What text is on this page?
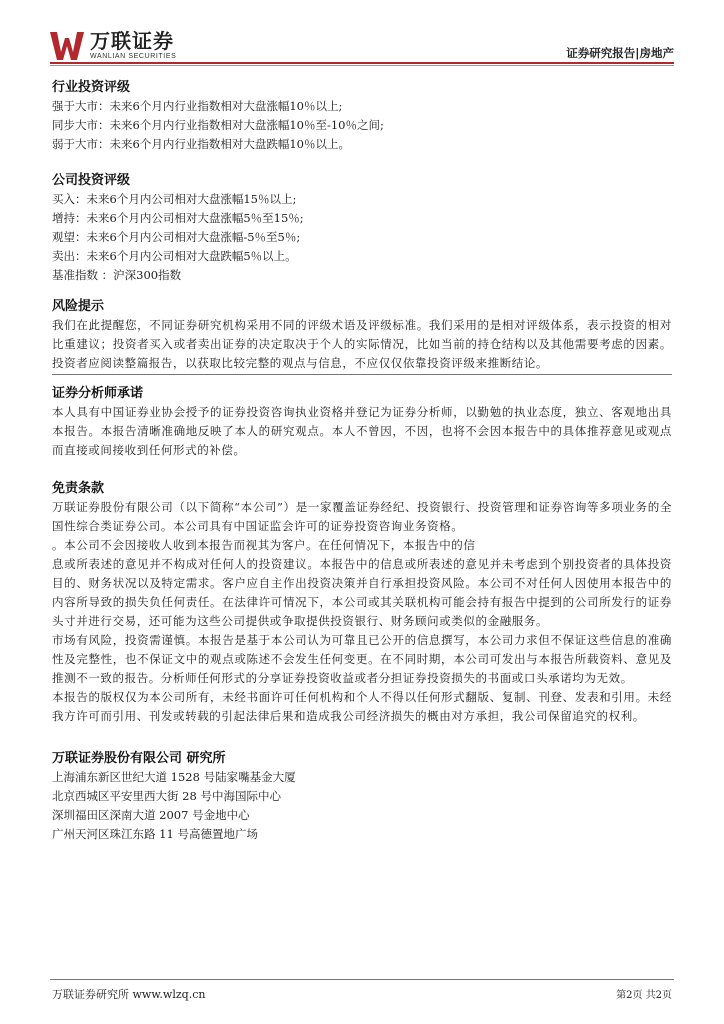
万联证券
WANLIAN SECURITIES	证券研究报告|房地产
行业投资评级
强于大市：未来6个月内行业指数相对大盘涨幅10％以上;
同步大市：未来6个月内行业指数相对大盘涨幅10％至-10％之间;
弱于大市：未来6个月内行业指数相对大盘跌幅10％以上。
公司投资评级
买入：未来6个月内公司相对大盘涨幅15％以上;
增持：未来6个月内公司相对大盘涨幅5％至15％;
观望：未来6个月内公司相对大盘涨幅-5％至5％;
卖出：未来6个月内公司相对大盘跌幅5％以上。
基准指数 ：沪深300指数
风险提示

我们在此提醒您，不同证券研究机构采用不同的评级术语及评级标准。我们采用的是相对评级体系，表示投资的相对比重建议；投资者买入或者卖出证券的决定取决于个人的实际情况，比如当前的持仓结构以及其他需要考虑的因素。投资者应阅读整篇报告，以获取比较完整的观点与信息，不应仅仅依靠投资评级来推断结论。

证券分析师承诺

本人具有中国证券业协会授予的证券投资咨询执业资格并登记为证券分析师，以勤勉的执业态度，独立、客观地出具本报告。本报告清晰准确地反映了本人的研究观点。本人不曾因，不因，也将不会因本报告中的具体推荐意见或观点而直接或间接收到任何形式的补偿。

免责条款

万联证券股份有限公司（以下简称“本公司”）是一家覆盖证券经纪、投资银行、投资管理和证券咨询等多项业务的全国性综合类证券公司。本公司具有中国证监会许可的证券投资咨询业务资格。

。本公司不会因接收人收到本报告而视其为客户。在任何情况下，本报告中的信

息或所表述的意见并不构成对任何人的投资建议。本报告中的信息或所表述的意见并未考虑到个别投资者的具体投资目的、财务状况以及特定需求。客户应自主作出投资决策并自行承担投资风险。本公司不对任何人因使用本报告中的内容所导致的损失负任何责任。在法律许可情况下，本公司或其关联机构可能会持有报告中提到的公司所发行的证券头寸并进行交易，还可能为这些公司提供或争取提供投资银行、财务顾问或类似的金融服务。

市场有风险，投资需谨慎。本报告是基于本公司认为可靠且已公开的信息撰写，本公司力求但不保证这些信息的准确性及完整性，也不保证文中的观点或陈述不会发生任何变更。在不同时期，本公司可发出与本报告所载资料、意见及推测不一致的报告。分析师任何形式的分享证券投资收益或者分担证券投资损失的书面或口头承诺均为无效。

本报告的版权仅为本公司所有，未经书面许可任何机构和个人不得以任何形式翻版、复制、刊登、发表和引用。未经我方许可而引用、刊发或转载的引起法律后果和造成我公司经济损失的概由对方承担，我公司保留追究的权利。

万联证券股份有限公司 研究所
上海浦东新区世纪大道 1528 号陆家嘴基金大厦
北京西城区平安里西大街 28 号中海国际中心
深圳福田区深南大道 2007 号金地中心
广州天河区珠江东路 11 号高德置地广场
万联证券研究所 www.wlzq.cn	第2页 共2页
